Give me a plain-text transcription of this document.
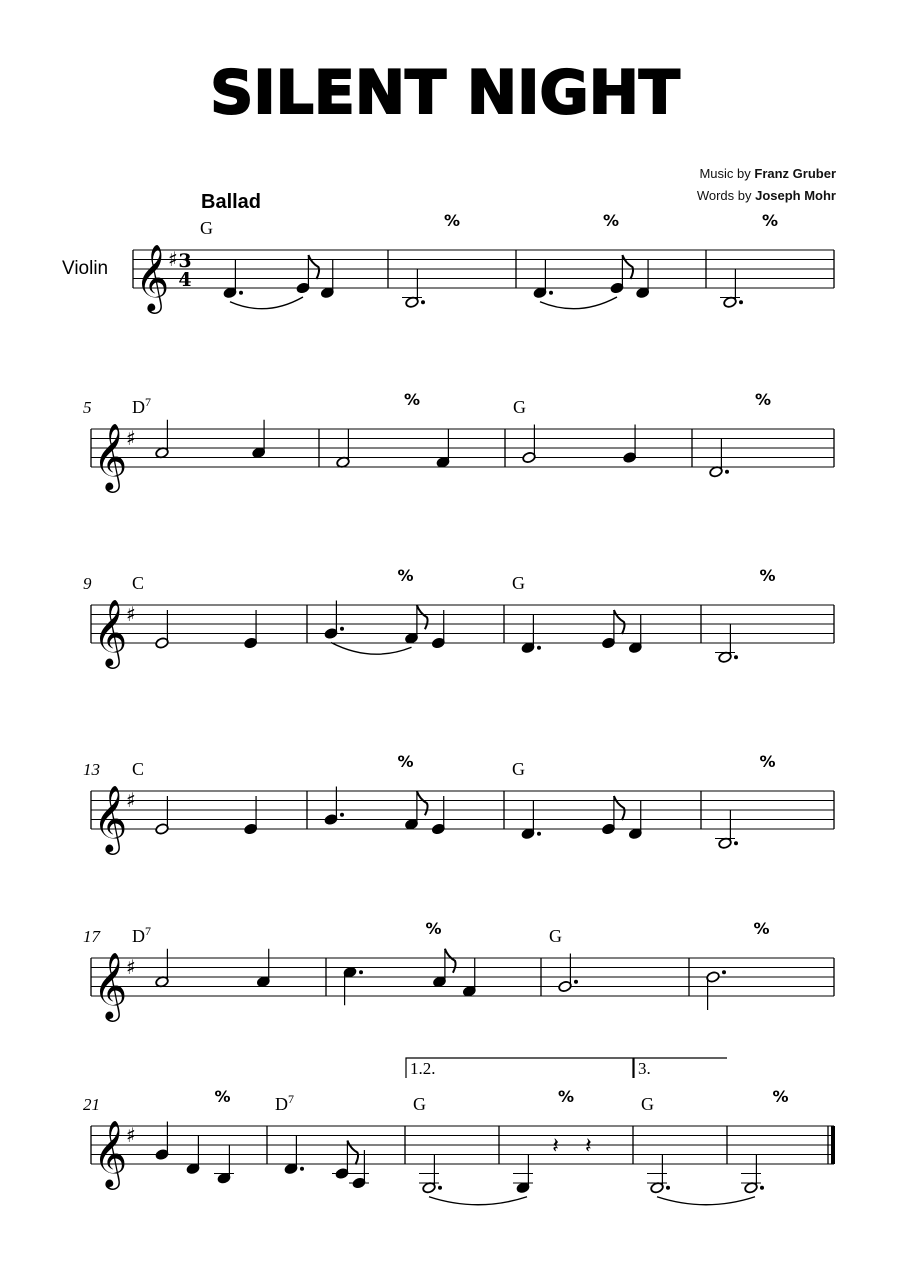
SILENT NIGHT
Music by Franz Gruber
Words by Joseph Mohr
Ballad
Violin 𝄞
♯ 3
4
G	%	%	%
𝄞
♯
5 D 7	%	G	%
𝄞
♯
9 C	%	G	%
𝄞
♯
13 C	%	G	%
𝄞
♯
17 D 7	%	G	%
𝄞
♯
21	% D 7	G
1.2.
%
𝄽 𝄽
G
3.
%
